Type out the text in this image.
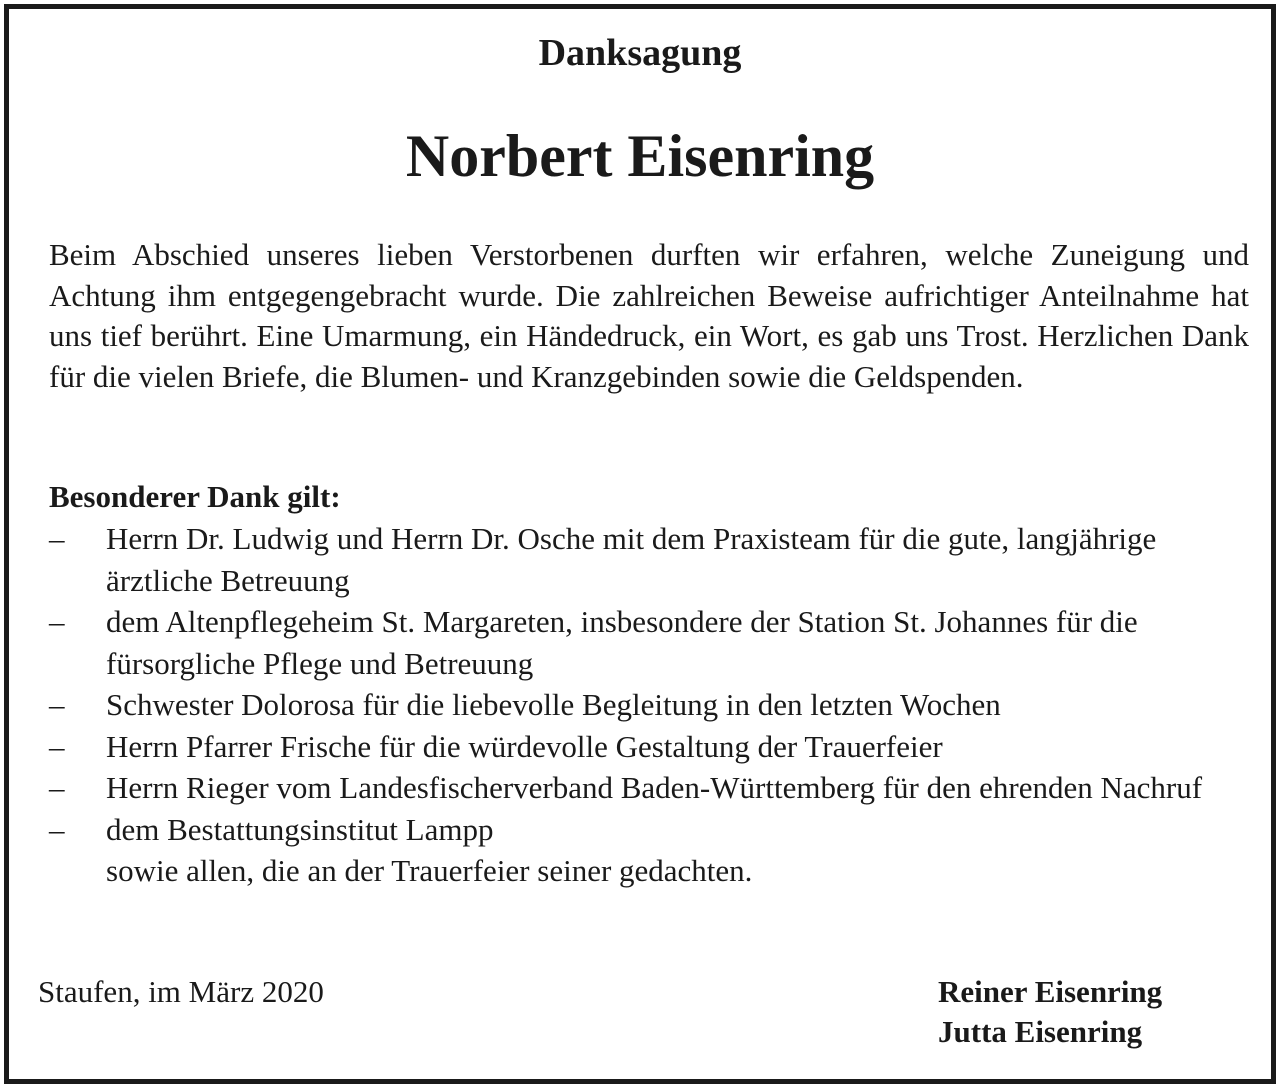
Danksagung
Norbert Eisenring

Beim Abschied unseres lieben Verstorbenen durften wir erfahren, welche Zuneigung und Achtung ihm entgegengebracht wurde. Die zahlreichen Beweise aufrichtiger Anteilnahme hat uns tief berührt. Eine Umarmung, ein Händedruck, ein Wort, es gab uns Trost. Herzlichen Dank für die vielen Briefe, die Blumen- und Kranzgebinden sowie die Geldspenden.

Besonderer Dank gilt:
– Herrn Dr. Ludwig und Herrn Dr. Osche mit dem Praxisteam für die gute, langjährige ärztliche Betreuung
– dem Altenpflegeheim St. Margareten, insbesondere der Station St. Johannes für die fürsorgliche Pflege und Betreuung
– Schwester Dolorosa für die liebevolle Begleitung in den letzten Wochen
– Herrn Pfarrer Frische für die würdevolle Gestaltung der Trauerfeier
– Herrn Rieger vom Landesfischerverband Baden-Württemberg für den ehrenden Nachruf
– dem Bestattungsinstitut Lampp
sowie allen, die an der Trauerfeier seiner gedachten.
Staufen, im März 2020	Reiner Eisenring
Jutta Eisenring
